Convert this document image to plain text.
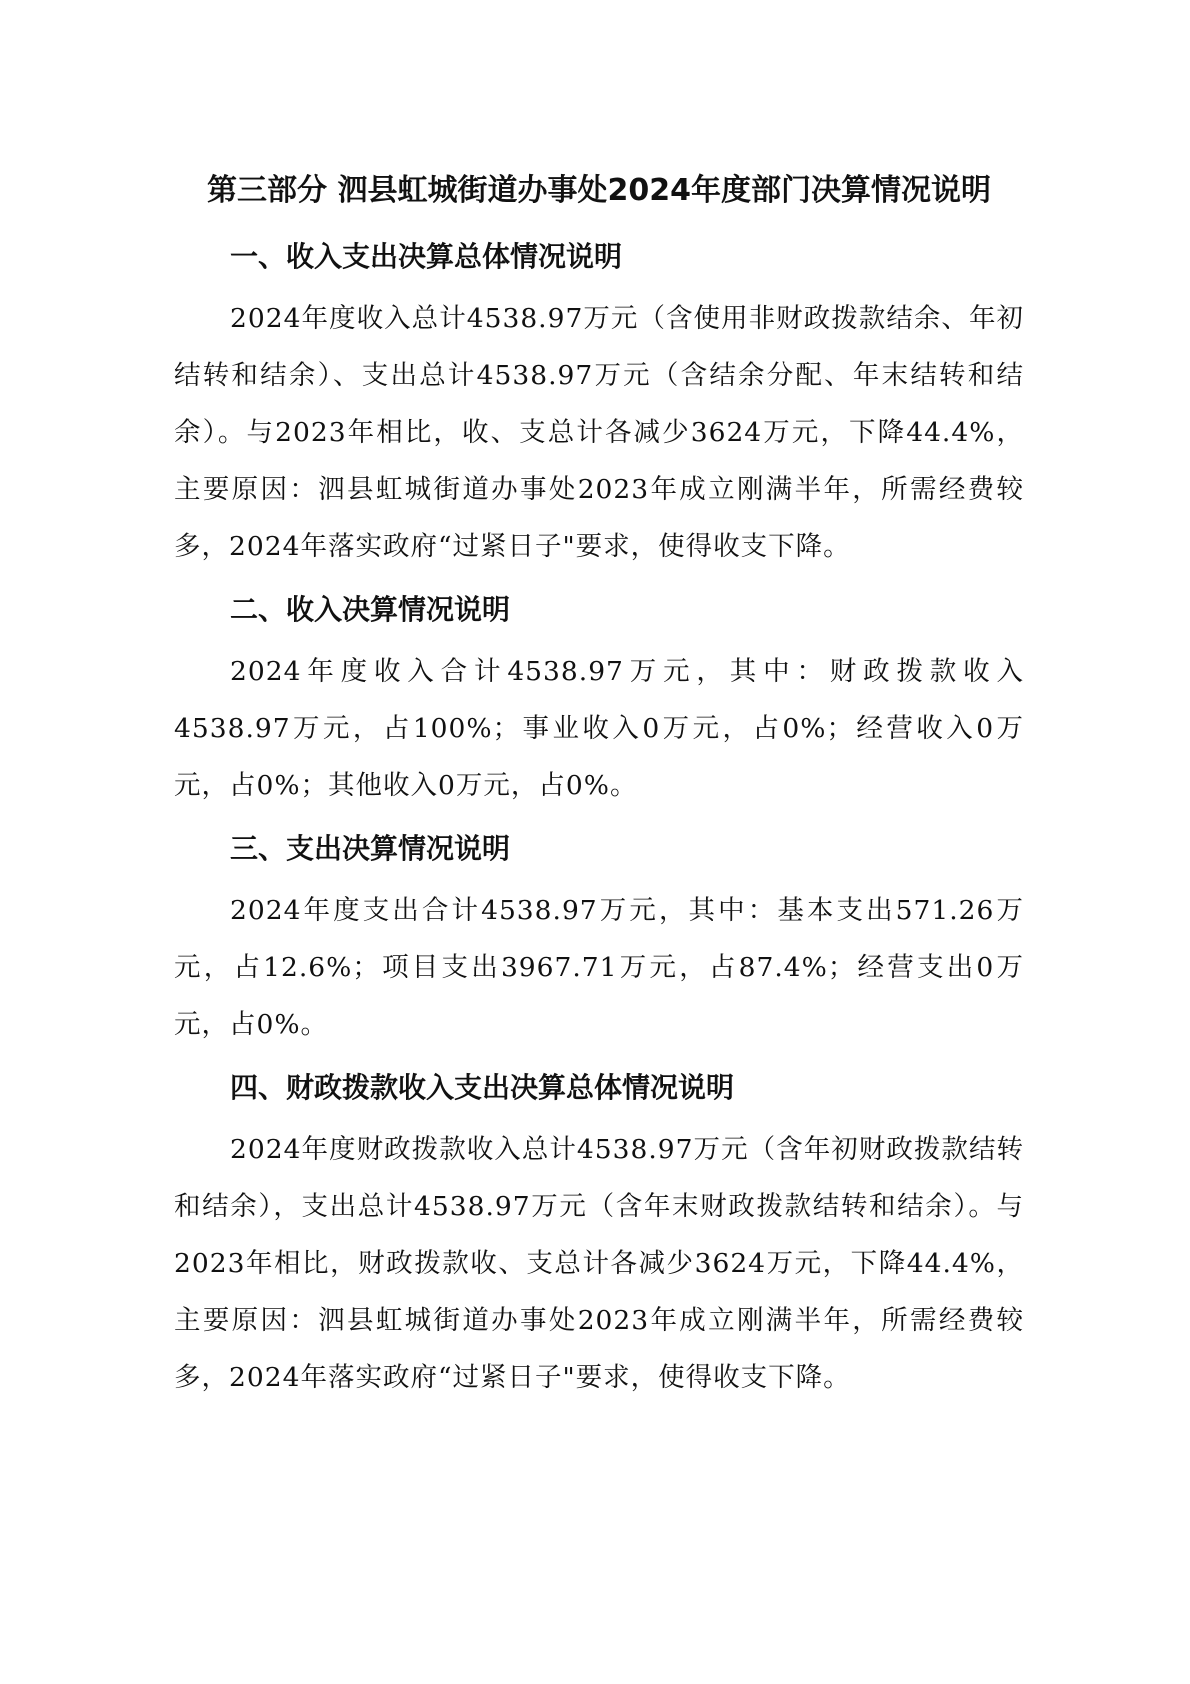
第三部分 泗县虹城街道办事处2024年度部门决算情况说明
一、收入支出决算总体情况说明

2024年度收入总计4538.97万元（含使用非财政拨款结余、年初结转和结余）、支出总计4538.97万元（含结余分配、年末结转和结余）。与2023年相比，收、支总计各减少3624万元，下降44.4%，主要原因：泗县虹城街道办事处2023年成立刚满半年，所需经费较多，2024年落实政府“过紧日子"要求，使得收支下降。

二、收入决算情况说明

2024年度收入合计4538.97万元，其中：财政拨款收入4538.97万元，占100%；事业收入0万元，占0%；经营收入0万元，占0%；其他收入0万元，占0%。

三、支出决算情况说明

2024年度支出合计4538.97万元，其中：基本支出571.26万元，占12.6%；项目支出3967.71万元，占87.4%；经营支出0万元，占0%。

四、财政拨款收入支出决算总体情况说明

2024年度财政拨款收入总计4538.97万元（含年初财政拨款结转和结余），支出总计4538.97万元（含年末财政拨款结转和结余）。与2023年相比，财政拨款收、支总计各减少3624万元，下降44.4%，主要原因：泗县虹城街道办事处2023年成立刚满半年，所需经费较多，2024年落实政府“过紧日子"要求，使得收支下降。
